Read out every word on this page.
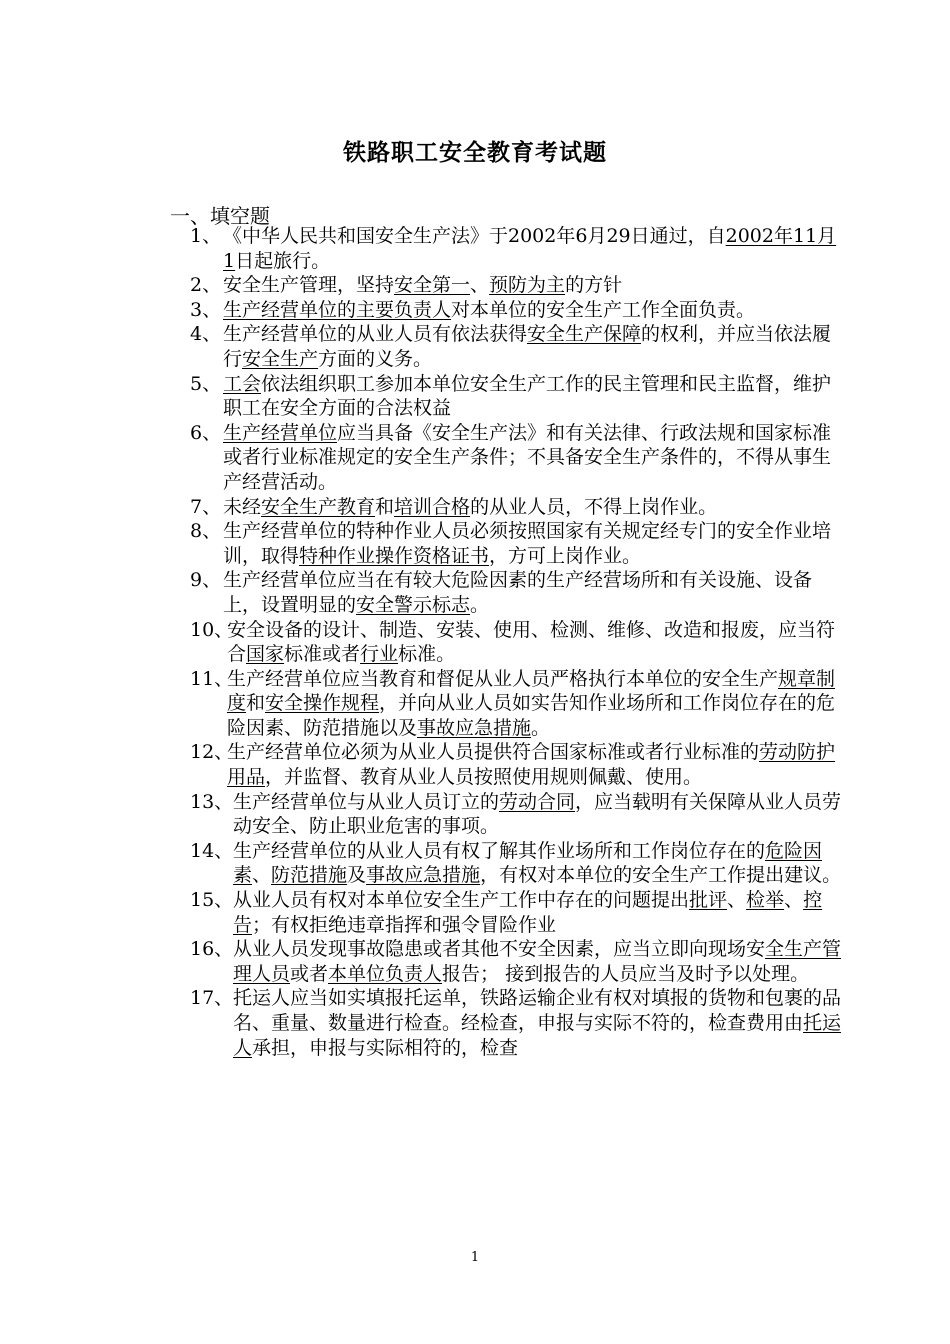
铁路职工安全教育考试题
一、填空题
1、 《中华人民共和国安全生产法》于2002年6月29日通过，自2002年11月1日起旅行。
2、 安全生产管理，坚持安全第一、预防为主的方针
3、 生产经营单位的主要负责人对本单位的安全生产工作全面负责。
4、 生产经营单位的从业人员有依法获得安全生产保障的权利，并应当依法履行安全生产方面的义务。
5、 工会依法组织职工参加本单位安全生产工作的民主管理和民主监督，维护职工在安全方面的合法权益
6、 生产经营单位应当具备《安全生产法》和有关法律、行政法规和国家标准或者行业标准规定的安全生产条件；不具备安全生产条件的，不得从事生产经营活动。
7、 未经安全生产教育和培训合格的从业人员，不得上岗作业。
8、 生产经营单位的特种作业人员必须按照国家有关规定经专门的安全作业培训，取得特种作业操作资格证书，方可上岗作业。
9、 生产经营单位应当在有较大危险因素的生产经营场所和有关设施、设备上，设置明显的安全警示标志。
10、
安全设备的设计、制造、安装、使用、检测、维修、改造和报废，应当符合国家标准或者行业标准。
11、
生产经营单位应当教育和督促从业人员严格执行本单位的安全生产规章制度和安全操作规程，并向从业人员如实告知作业场所和工作岗位存在的危险因素、防范措施以及事故应急措施。
12、
生产经营单位必须为从业人员提供符合国家标准或者行业标准的劳动防护用品，并监督、教育从业人员按照使用规则佩戴、使用。
13、 生产经营单位与从业人员订立的劳动合同，应当载明有关保障从业人员劳动安全、防止职业危害的事项。
14、 生产经营单位的从业人员有权了解其作业场所和工作岗位存在的危险因素、防范措施及事故应急措施，有权对本单位的安全生产工作提出建议。
15、 从业人员有权对本单位安全生产工作中存在的问题提出批评、检举、控告；有权拒绝违章指挥和强令冒险作业
16、 从业人员发现事故隐患或者其他不安全因素，应当立即向现场安全生产管理人员或者本单位负责人报告； 接到报告的人员应当及时予以处理。
17、 托运人应当如实填报托运单，铁路运输企业有权对填报的货物和包裹的品名、重量、数量进行检查。经检查，申报与实际不符的，检查费用由托运人承担，申报与实际相符的，检查
1
